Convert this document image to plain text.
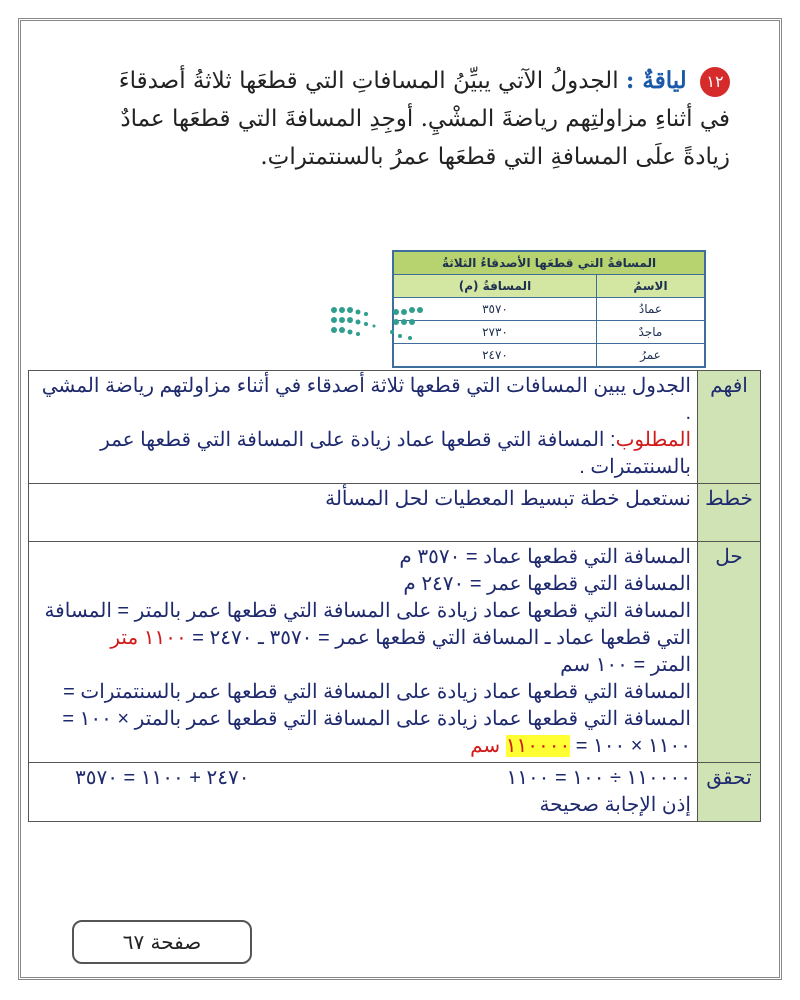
١٢ لياقةٌ : الجدولُ الآتي يبيِّنُ المسافاتِ التي قطعَها ثلاثةُ أصدقاءَ في أثناءِ مزاولتِهم رياضةَ المشْيِ. أوجِدِ المسافةَ التي قطعَها عمادٌ زيادةً علَى المسافةِ التي قطعَها عمرُ بالسنتمتراتِ.
المسافةُ التي قطعَها الأصدقاءُ الثلاثةُ	
الاسمُ	المسافةُ (م)
عمادُ	٣٥٧٠
ماجدٌ	٢٧٣٠
عمرُ	٢٤٧٠
افهم	الجدول يبين المسافات التي قطعها ثلاثة أصدقاء في أثناء مزاولتهم رياضة المشي .
المطلوب: المسافة التي قطعها عماد زيادة على المسافة التي قطعها عمر بالسنتمترات .

خطط	نستعمل خطة تبسيط المعطيات لحل المسألة
حل	المسافة التي قطعها عماد = ٣٥٧٠ م
المسافة التي قطعها عمر = ٢٤٧٠ م
المسافة التي قطعها عماد زيادة على المسافة التي قطعها عمر بالمتر = المسافة التي قطعها عماد ـ المسافة التي قطعها عمر = ٣٥٧٠ ـ ٢٤٧٠ = ١١٠٠ متر
المتر = ١٠٠ سم
المسافة التي قطعها عماد زيادة على المسافة التي قطعها عمر بالسنتمترات = المسافة التي قطعها عماد زيادة على المسافة التي قطعها عمر بالمتر × ١٠٠ = ١١٠٠ × ١٠٠ = ١١٠٠٠٠ سم

تحقق	١١٠٠٠٠ ÷ ١٠٠ = ١١٠٠
٢٤٧٠ + ١١٠٠ = ٣٥٧٠
إذن الإجابة صحيحة
صفحة ٦٧
